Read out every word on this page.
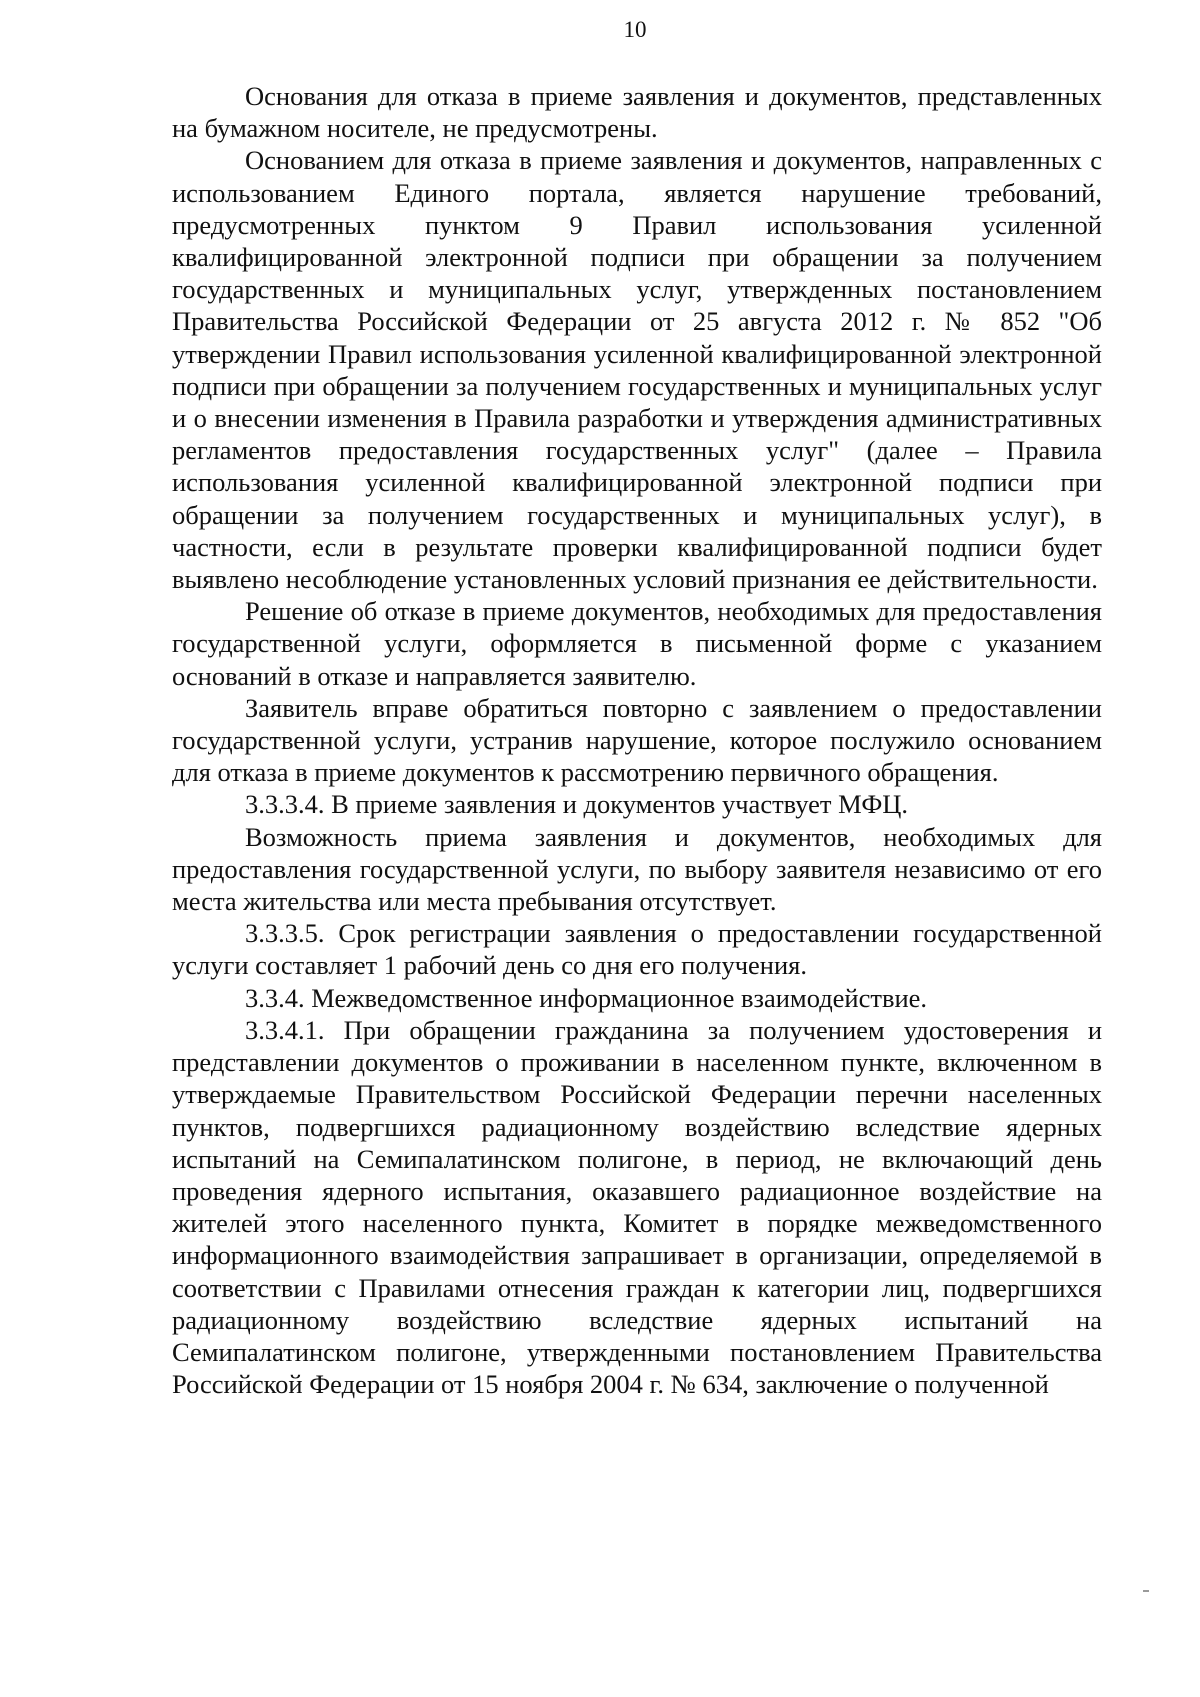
10

Основания для отказа в приеме заявления и документов, представленных на бумажном носителе, не предусмотрены.

Основанием для отказа в приеме заявления и документов, направленных с использованием Единого портала, является нарушение требований, предусмотренных пунктом 9 Правил использования усиленной квалифицированной электронной подписи при обращении за получением государственных и муниципальных услуг, утвержденных постановлением Правительства Российской Федерации от 25 августа 2012 г. № 852 "Об утверждении Правил использования усиленной квалифицированной электронной подписи при обращении за получением государственных и муниципальных услуг и о внесении изменения в Правила разработки и утверждения административных регламентов предоставления государственных услуг" (далее – Правила использования усиленной квалифицированной электронной подписи при обращении за получением государственных и муниципальных услуг), в частности, если в результате проверки квалифицированной подписи будет выявлено несоблюдение установленных условий признания ее действительности.

Решение об отказе в приеме документов, необходимых для предоставления государственной услуги, оформляется в письменной форме с указанием оснований в отказе и направляется заявителю.

Заявитель вправе обратиться повторно с заявлением о предоставлении государственной услуги, устранив нарушение, которое послужило основанием для отказа в приеме документов к рассмотрению первичного обращения.

3.3.3.4. В приеме заявления и документов участвует МФЦ.

Возможность приема заявления и документов, необходимых для предоставления государственной услуги, по выбору заявителя независимо от его места жительства или места пребывания отсутствует.

3.3.3.5. Срок регистрации заявления о предоставлении государственной услуги составляет 1 рабочий день со дня его получения.

3.3.4. Межведомственное информационное взаимодействие.

3.3.4.1. При обращении гражданина за получением удостоверения и представлении документов о проживании в населенном пункте, включенном в утверждаемые Правительством Российской Федерации перечни населенных пунктов, подвергшихся радиационному воздействию вследствие ядерных испытаний на Семипалатинском полигоне, в период, не включающий день проведения ядерного испытания, оказавшего радиационное воздействие на жителей этого населенного пункта, Комитет в порядке межведомственного информационного взаимодействия запрашивает в организации, определяемой в соответствии с Правилами отнесения граждан к категории лиц, подвергшихся радиационному воздействию вследствие ядерных испытаний на Семипалатинском полигоне, утвержденными постановлением Правительства Российской Федерации от 15 ноября 2004 г. № 634, заключение о полученной
